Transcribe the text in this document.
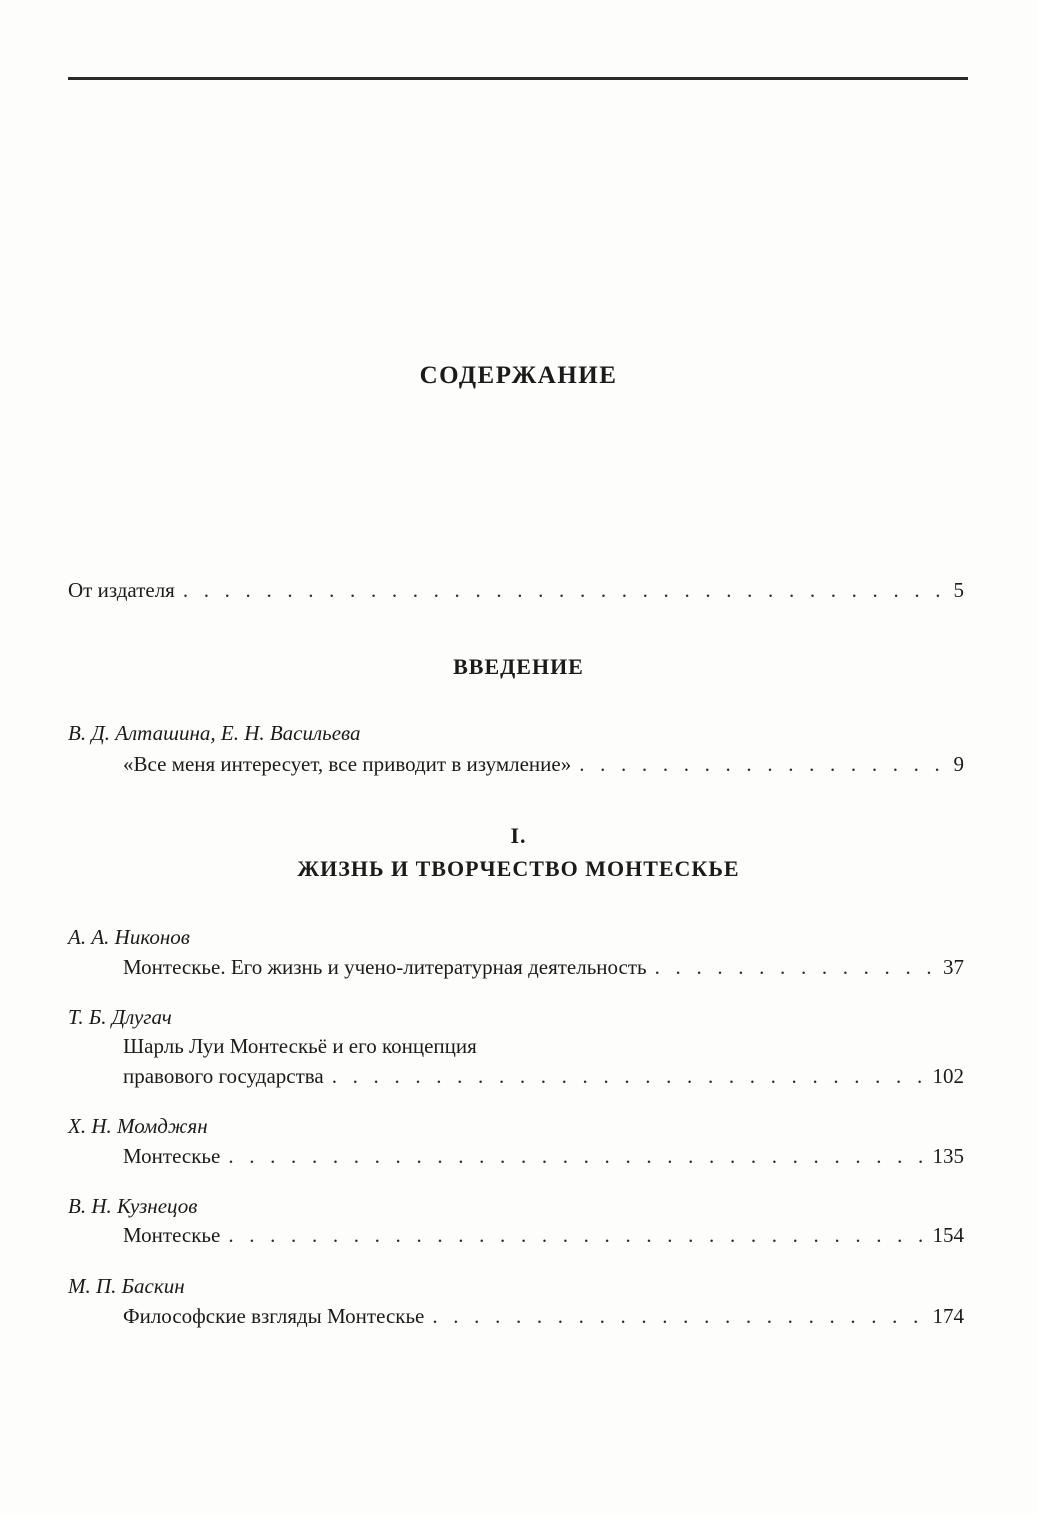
СОДЕРЖАНИЕ
От издателя . . .	5
ВВЕДЕНИЕ
В. Д. Алташина, Е. Н. Васильева
«Все меня интересует, все приводит в изумление» . . .	9
I.
ЖИЗНЬ И ТВОРЧЕСТВО МОНТЕСКЬЕ
А. А. Никонов
Монтескье. Его жизнь и учено-литературная деятельность . . .	37
Т. Б. Длугач
Шарль Луи Монтескьё и его концепция
правового государства . . .	102
Х. Н. Момджян
Монтескье . . .	135
В. Н. Кузнецов
Монтескье . . .	154
М. П. Баскин
Философские взгляды Монтескье . . .	174
